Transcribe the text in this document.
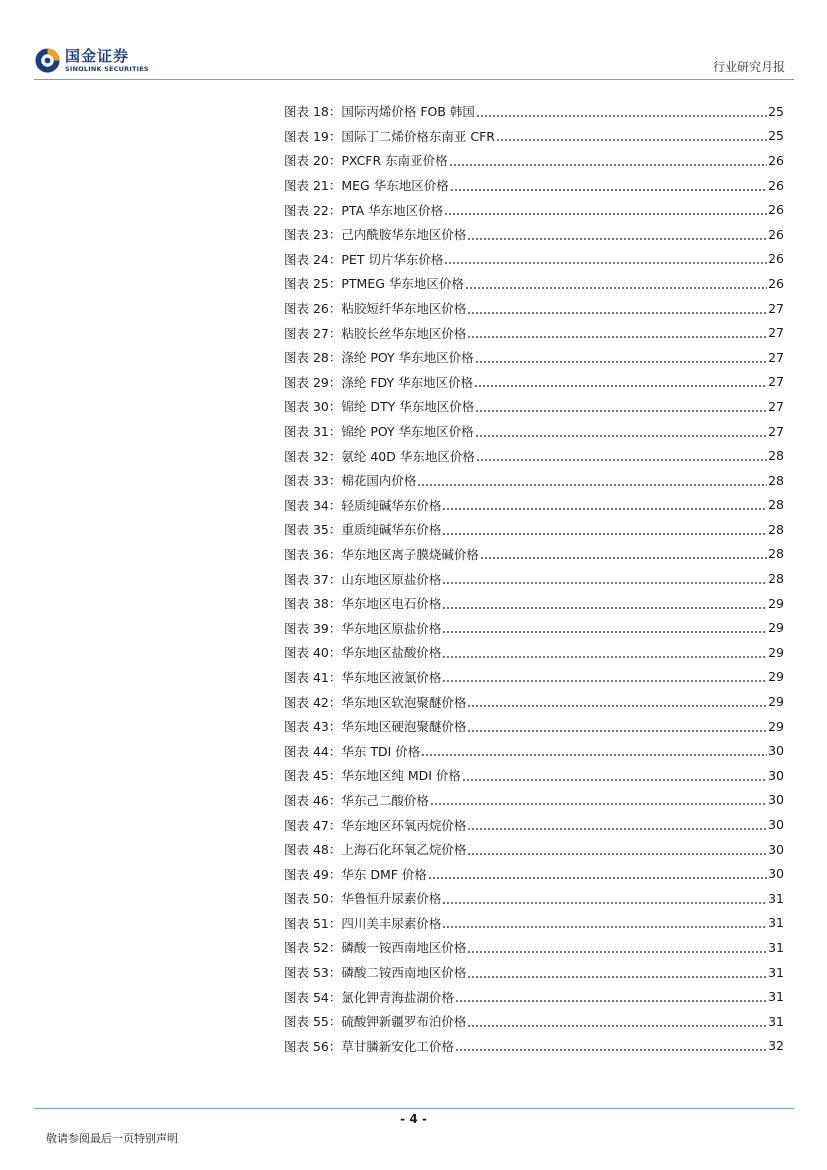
国金证券
SINOLINK SECURITIES	行业研究月报
图表 18：国际丙烯价格 FOB 韩国	25
图表 19：国际丁二烯价格东南亚 CFR	25
图表 20：PXCFR 东南亚价格	26
图表 21：MEG 华东地区价格	26
图表 22：PTA 华东地区价格	26
图表 23：己内酰胺华东地区价格	26
图表 24：PET 切片华东价格	26
图表 25：PTMEG 华东地区价格	26
图表 26：粘胶短纤华东地区价格	27
图表 27：粘胶长丝华东地区价格	27
图表 28：涤纶 POY 华东地区价格	27
图表 29：涤纶 FDY 华东地区价格	27
图表 30：锦纶 DTY 华东地区价格	27
图表 31：锦纶 POY 华东地区价格	27
图表 32：氨纶 40D 华东地区价格	28
图表 33：棉花国内价格	28
图表 34：轻质纯碱华东价格	28
图表 35：重质纯碱华东价格	28
图表 36：华东地区离子膜烧碱价格	28
图表 37：山东地区原盐价格	28
图表 38：华东地区电石价格	29
图表 39：华东地区原盐价格	29
图表 40：华东地区盐酸价格	29
图表 41：华东地区液氯价格	29
图表 42：华东地区软泡聚醚价格	29
图表 43：华东地区硬泡聚醚价格	29
图表 44：华东 TDI 价格	30
图表 45：华东地区纯 MDI 价格	30
图表 46：华东己二酸价格	30
图表 47：华东地区环氧丙烷价格	30
图表 48：上海石化环氧乙烷价格	30
图表 49：华东 DMF 价格	30
图表 50：华鲁恒升尿素价格	31
图表 51：四川美丰尿素价格	31
图表 52：磷酸一铵西南地区价格	31
图表 53：磷酸二铵西南地区价格	31
图表 54：氯化钾青海盐湖价格	31
图表 55：硫酸钾新疆罗布泊价格	31
图表 56：草甘膦新安化工价格	32
- 4 -
敬请参阅最后一页特别声明
